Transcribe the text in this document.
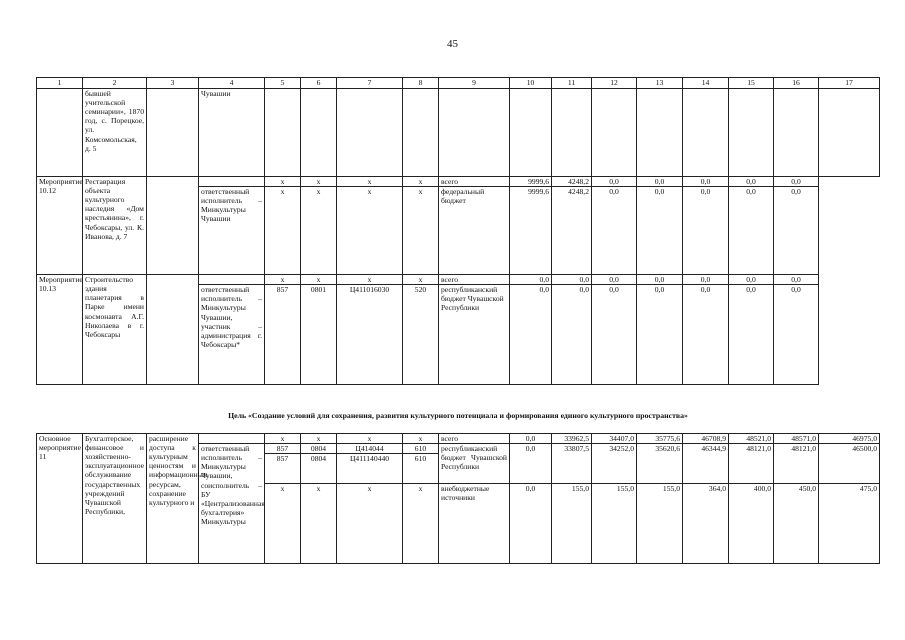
45
1	2	3	4	5	6	7	8	9	10	11	12	13	14	15	16	17
	бывшей учительской семинарии», 1870 год, с. Порецкое, ул. Комсомольская, д. 5		Чувашии													
Мероприятие 10.12	Реставрация объекта культурного наследия «Дом крестьянина», г. Чебоксары, ул. К. Иванова, д. 7			х	х	х	х	всего	9999,6	4248,2	0,0	0,0	0,0	0,0	0,0	
			ответственный исполнитель – Минкультуры Чувашии	х	х	х	х	федеральный бюджет	9999,6	4248,2	0,0	0,0	0,0	0,0	0,0	
Мероприятие 10.13	Строительство здания планетария в Парке имени космонавта А.Г. Николаева в г. Чебоксары			х	х	х	х	всего	0,0	0,0	0,0	0,0	0,0	0,0	0,0	
			ответственный исполнитель – Минкультуры Чувашии, участник – администрация г. Чебоксары*	857	0801	Ц411016030	520	республиканский бюджет Чувашской Республики	0,0	0,0	0,0	0,0	0,0	0,0	0,0	
Цель «Создание условий для сохранения, развития культурного потенциала и формирования единого культурного пространства»
Основное мероприятие 11	Бухгалтерское, финансовое и хозяйственно-эксплуатационное обслуживание государственных учреждений Чувашской Республики,	расширение доступа к культурным ценностям и информационным ресурсам, сохранение культурного и		х	х	х	х	всего	0,0	33962,5	34407,0	35775,6	46708,9	48521,0	48571,0	46975,0
			ответственный исполнитель – Минкультуры Чувашии, соисполнитель – БУ «Централизованная бухгалтерия» Минкультуры	857	0804	Ц414044	610	республиканский бюджет Чувашской Республики	0,0	33807,5	34252,0	35620,6	46344,9	48121,0	48121,0	46500,0
				857	0804	Ц411140440	610									
				х	х	х	х	внебюджетные источники	0,0	155,0	155,0	155,0	364,0	400,0	450,0	475,0
